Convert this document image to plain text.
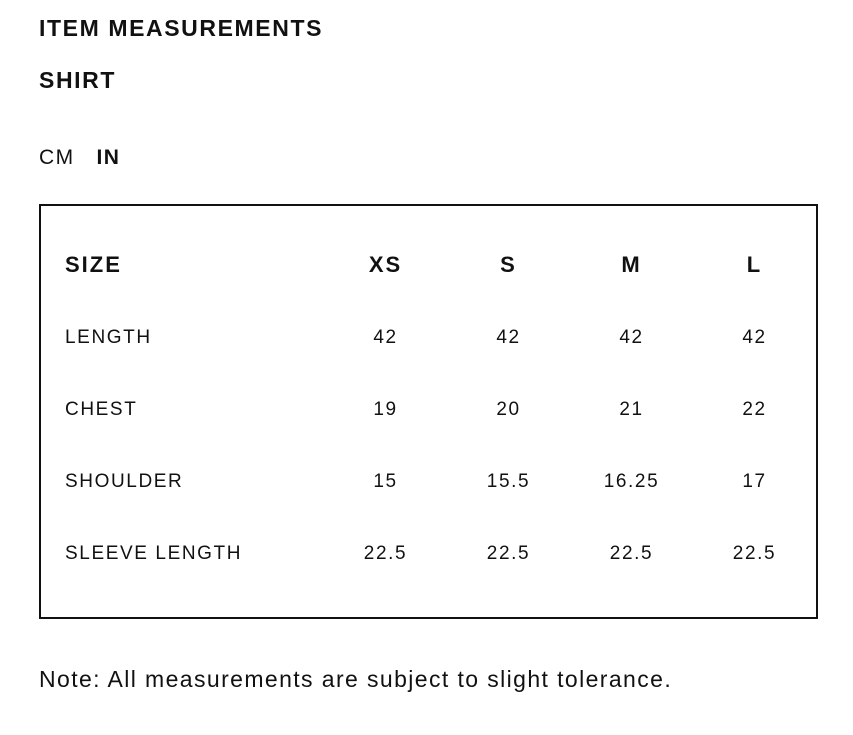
ITEM MEASUREMENTS
SHIRT
CM IN
SIZE	XS	S	M	L
LENGTH	42	42	42	42
CHEST	19	20	21	22
SHOULDER	15	15.5	16.25	17
SLEEVE LENGTH	22.5	22.5	22.5	22.5

Note: All measurements are subject to slight tolerance.
